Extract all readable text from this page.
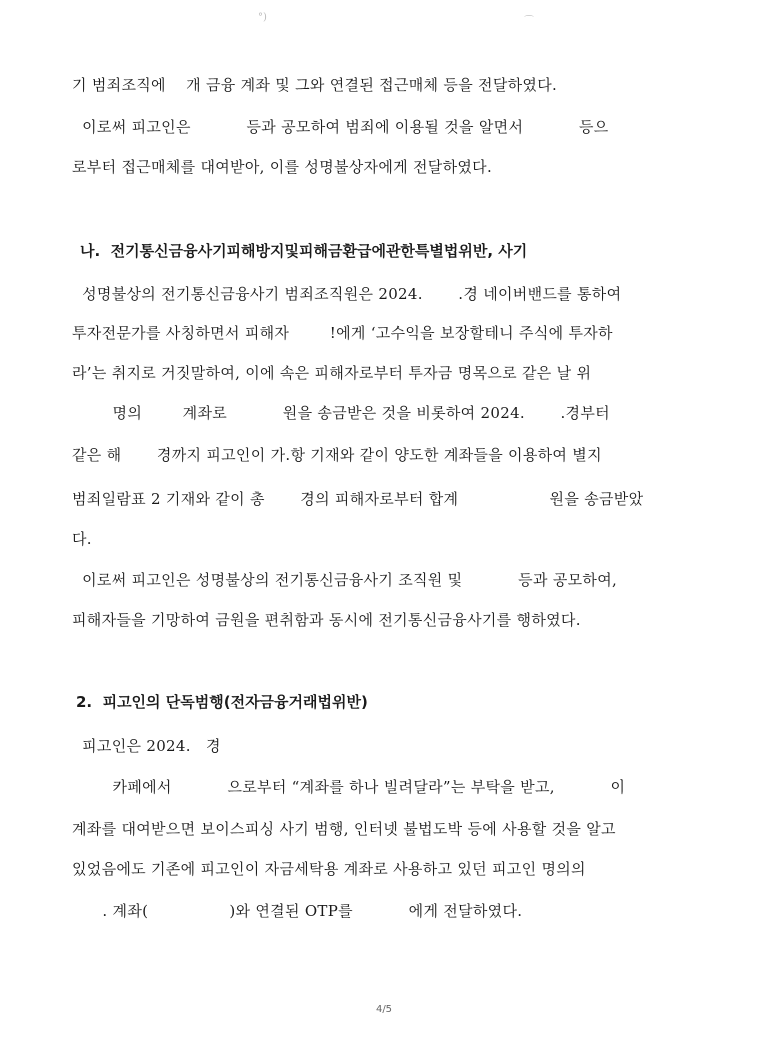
°)	⌒
기 범죄조직에    개 금융 계좌 및 그와 연결된 접근매체 등을 전달하였다.
이로써 피고인은           등과 공모하여 범죄에 이용될 것을 알면서           등으
로부터 접근매체를 대여받아, 이를 성명불상자에게 전달하였다.
나.  전기통신금융사기피해방지및피해금환급에관한특별법위반, 사기
성명불상의 전기통신금융사기 범죄조직원은 2024.       .경 네이버밴드를 통하여
투자전문가를 사칭하면서 피해자        !에게 ‘고수익을 보장할테니 주식에 투자하
라’는 취지로 거짓말하여, 이에 속은 피해자로부터 투자금 명목으로 같은 날 위
명의        계좌로           원을 송금받은 것을 비롯하여 2024.       .경부터
같은 해       경까지 피고인이 가.항 기재와 같이 양도한 계좌들을 이용하여 별지
범죄일람표 2 기재와 같이 총       경의 피해자로부터 합계                  원을 송금받았
다.
이로써 피고인은 성명불상의 전기통신금융사기 조직원 및           등과 공모하여,
피해자들을 기망하여 금원을 편취함과 동시에 전기통신금융사기를 행하였다.
2.  피고인의 단독범행(전자금융거래법위반)
피고인은 2024.   경
카페에서           으로부터 “계좌를 하나 빌려달라”는 부탁을 받고,           이
계좌를 대여받으면 보이스피싱 사기 범행, 인터넷 불법도박 등에 사용할 것을 알고
있었음에도 기존에 피고인이 자금세탁용 계좌로 사용하고 있던 피고인 명의의
. 계좌(                )와 연결된 OTP를           에게 전달하였다.
4/5
